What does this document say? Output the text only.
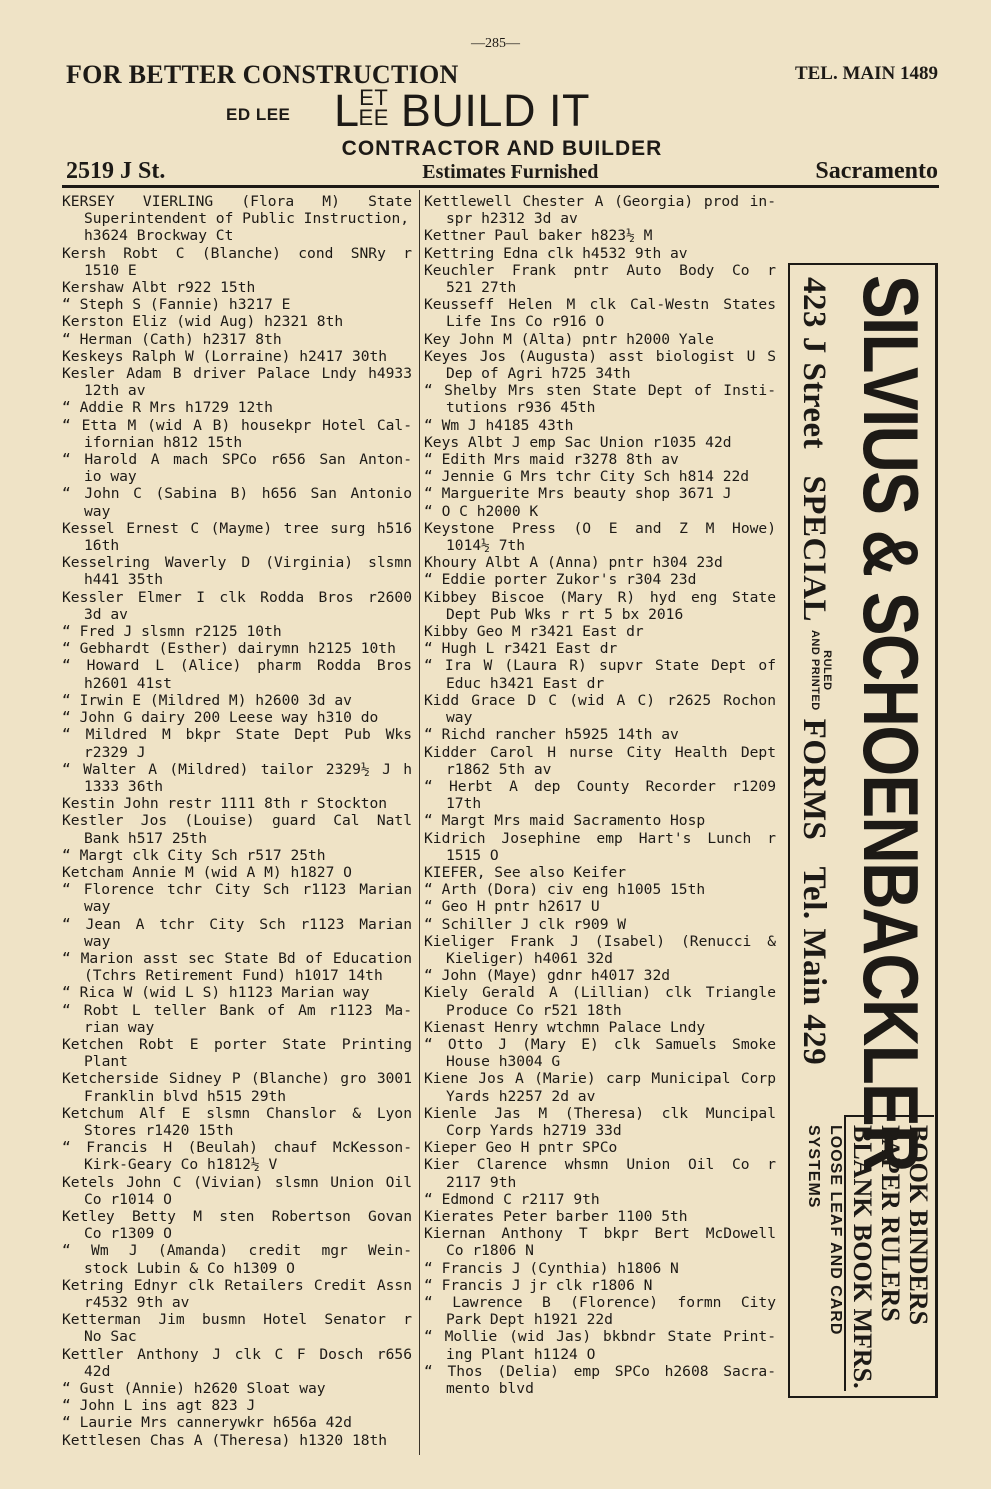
—285—
FOR BETTER CONSTRUCTION	TEL. MAIN 1489
ED LEE LET
EE BUILD IT
CONTRACTOR AND BUILDER
2519 J St.	Estimates Furnished	Sacramento
KERSEY VIERLING (Flora M) State
Superintendent of Public Instruction,
h3624 Brockway Ct
Kersh Robt C (Blanche) cond SNRy r
1510 E
Kershaw Albt r922 15th
“ Steph S (Fannie) h3217 E
Kerston Eliz (wid Aug) h2321 8th
“ Herman (Cath) h2317 8th
Keskeys Ralph W (Lorraine) h2417 30th
Kesler Adam B driver Palace Lndy h4933
12th av
“ Addie R Mrs h1729 12th
“ Etta M (wid A B) housekpr Hotel Cal-
ifornian h812 15th
“ Harold A mach SPCo r656 San Anton-
io way
“ John C (Sabina B) h656 San Antonio
way
Kessel Ernest C (Mayme) tree surg h516
16th
Kesselring Waverly D (Virginia) slsmn
h441 35th
Kessler Elmer I clk Rodda Bros r2600
3d av
“ Fred J slsmn r2125 10th
“ Gebhardt (Esther) dairymn h2125 10th
“ Howard L (Alice) pharm Rodda Bros
h2601 41st
“ Irwin E (Mildred M) h2600 3d av
“ John G dairy 200 Leese way h310 do
“ Mildred M bkpr State Dept Pub Wks
r2329 J
“ Walter A (Mildred) tailor 2329½ J h
1333 36th
Kestin John restr 1111 8th r Stockton
Kestler Jos (Louise) guard Cal Natl
Bank h517 25th
“ Margt clk City Sch r517 25th
Ketcham Annie M (wid A M) h1827 O
“ Florence tchr City Sch r1123 Marian
way
“ Jean A tchr City Sch r1123 Marian
way
“ Marion asst sec State Bd of Education
(Tchrs Retirement Fund) h1017 14th
“ Rica W (wid L S) h1123 Marian way
“ Robt L teller Bank of Am r1123 Ma-
rian way
Ketchen Robt E porter State Printing
Plant
Ketcherside Sidney P (Blanche) gro 3001
Franklin blvd h515 29th
Ketchum Alf E slsmn Chanslor & Lyon
Stores r1420 15th
“ Francis H (Beulah) chauf McKesson-
Kirk-Geary Co h1812½ V
Ketels John C (Vivian) slsmn Union Oil
Co r1014 O
Ketley Betty M sten Robertson Govan
Co r1309 O
“ Wm J (Amanda) credit mgr Wein-
stock Lubin & Co h1309 O
Ketring Ednyr clk Retailers Credit Assn
r4532 9th av
Ketterman Jim busmn Hotel Senator r
No Sac
Kettler Anthony J clk C F Dosch r656
42d
“ Gust (Annie) h2620 Sloat way
“ John L ins agt 823 J
“ Laurie Mrs cannerywkr h656a 42d
Kettlesen Chas A (Theresa) h1320 18th
Kettlewell Chester A (Georgia) prod in-
spr h2312 3d av
Kettner Paul baker h823½ M
Kettring Edna clk h4532 9th av
Keuchler Frank pntr Auto Body Co r
521 27th
Keusseff Helen M clk Cal-Westn States
Life Ins Co r916 O
Key John M (Alta) pntr h2000 Yale
Keyes Jos (Augusta) asst biologist U S
Dep of Agri h725 34th
“ Shelby Mrs sten State Dept of Insti-
tutions r936 45th
“ Wm J h4185 43th
Keys Albt J emp Sac Union r1035 42d
“ Edith Mrs maid r3278 8th av
“ Jennie G Mrs tchr City Sch h814 22d
“ Marguerite Mrs beauty shop 3671 J
“ O C h2000 K
Keystone Press (O E and Z M Howe)
1014½ 7th
Khoury Albt A (Anna) pntr h304 23d
“ Eddie porter Zukor's r304 23d
Kibbey Biscoe (Mary R) hyd eng State
Dept Pub Wks r rt 5 bx 2016
Kibby Geo M r3421 East dr
“ Hugh L r3421 East dr
“ Ira W (Laura R) supvr State Dept of
Educ h3421 East dr
Kidd Grace D C (wid A C) r2625 Rochon
way
“ Richd rancher h5925 14th av
Kidder Carol H nurse City Health Dept
r1862 5th av
“ Herbt A dep County Recorder r1209
17th
“ Margt Mrs maid Sacramento Hosp
Kidrich Josephine emp Hart's Lunch r
1515 O
KIEFER, See also Keifer
“ Arth (Dora) civ eng h1005 15th
“ Geo H pntr h2617 U
“ Schiller J clk r909 W
Kieliger Frank J (Isabel) (Renucci &
Kieliger) h4061 32d
“ John (Maye) gdnr h4017 32d
Kiely Gerald A (Lillian) clk Triangle
Produce Co r521 18th
Kienast Henry wtchmn Palace Lndy
“ Otto J (Mary E) clk Samuels Smoke
House h3004 G
Kiene Jos A (Marie) carp Municipal Corp
Yards h2257 2d av
Kienle Jas M (Theresa) clk Muncipal
Corp Yards h2719 33d
Kieper Geo H pntr SPCo
Kier Clarence whsmn Union Oil Co r
2117 9th
“ Edmond C r2117 9th
Kierates Peter barber 1100 5th
Kiernan Anthony T bkpr Bert McDowell
Co r1806 N
“ Francis J (Cynthia) h1806 N
“ Francis J jr clk r1806 N
“ Lawrence B (Florence) formn City
Park Dept h1921 22d
“ Mollie (wid Jas) bkbndr State Print-
ing Plant h1124 O
“ Thos (Delia) emp SPCo h2608 Sacra-
mento blvd
SILVIUS & SCHOENBACKLER
423 J Street   SPECIALRULED
AND PRINTEDFORMS   Tel. Main 429
BOOK BINDERS
PAPER RULERS
BLANK BOOK MFRS.
LOOSE LEAF AND CARD
SYSTEMS
